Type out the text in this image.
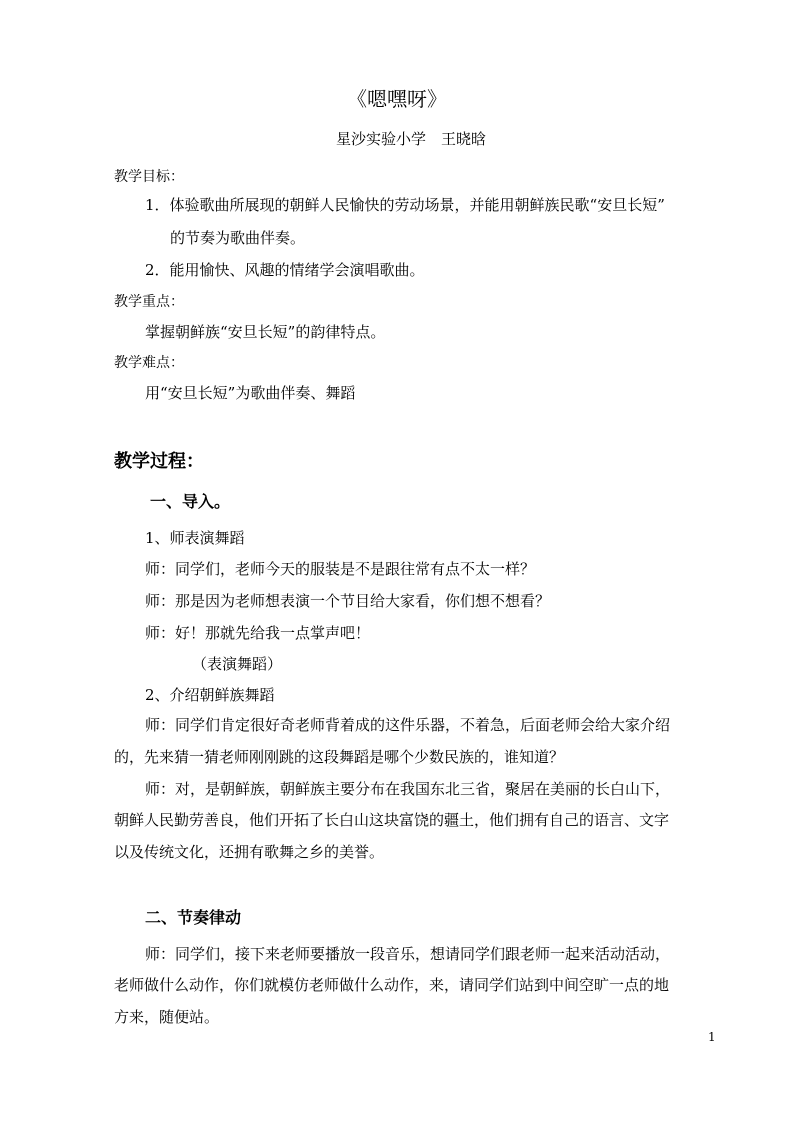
《嗯嘿呀》
星沙实验小学　王晓晗
教学目标：
1．体验歌曲所展现的朝鲜人民愉快的劳动场景，并能用朝鲜族民歌“安旦长短”
的节奏为歌曲伴奏。
2．能用愉快、风趣的情绪学会演唱歌曲。
教学重点：
掌握朝鲜族“安旦长短”的韵律特点。
教学难点：
用“安旦长短”为歌曲伴奏、舞蹈
教学过程：
一、导入。
1、师表演舞蹈
师：同学们，老师今天的服装是不是跟往常有点不太一样？
师：那是因为老师想表演一个节目给大家看，你们想不想看？
师：好！那就先给我一点掌声吧！
（表演舞蹈）
2、介绍朝鲜族舞蹈
师：同学们肯定很好奇老师背着成的这件乐器，不着急，后面老师会给大家介绍
的，先来猜一猜老师刚刚跳的这段舞蹈是哪个少数民族的，谁知道？
师：对，是朝鲜族，朝鲜族主要分布在我国东北三省，聚居在美丽的长白山下，
朝鲜人民勤劳善良，他们开拓了长白山这块富饶的疆土，他们拥有自己的语言、文字
以及传统文化，还拥有歌舞之乡的美誉。
二、节奏律动
师：同学们，接下来老师要播放一段音乐，想请同学们跟老师一起来活动活动，
老师做什么动作，你们就模仿老师做什么动作，来，请同学们站到中间空旷一点的地
方来，随便站。
1
